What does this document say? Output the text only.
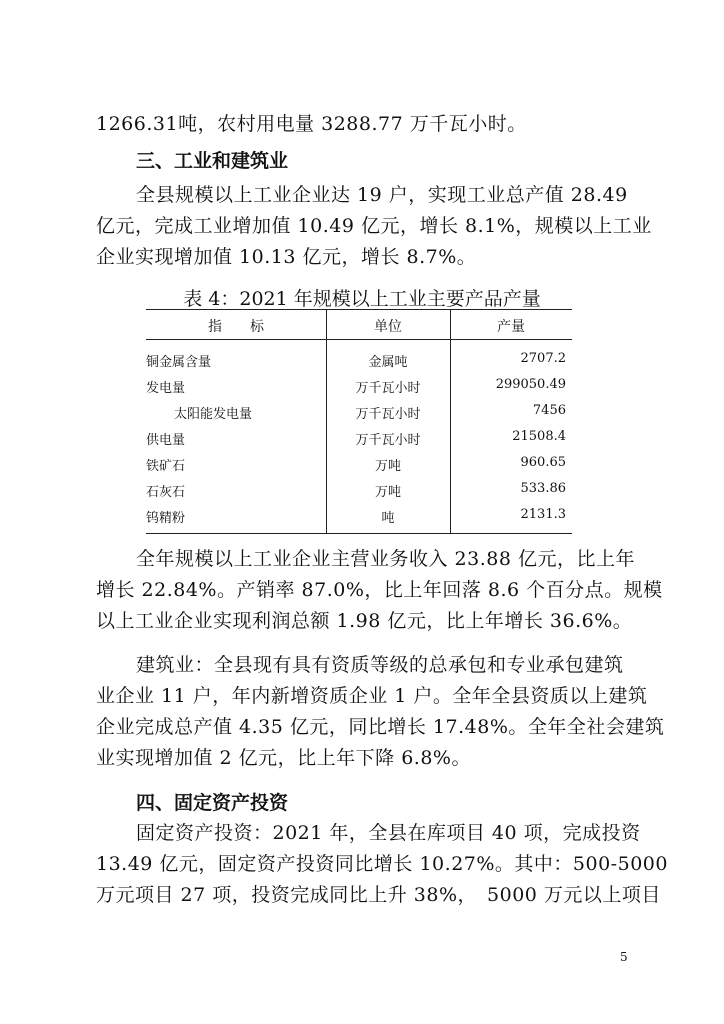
1266.31吨，农村用电量 3288.77 万千瓦小时。
三、工业和建筑业
全县规模以上工业企业达 19 户，实现工业总产值 28.49
亿元，完成工业增加值 10.49 亿元，增长 8.1%，规模以上工业
企业实现增加值 10.13 亿元，增长 8.7%。
表 4：2021 年规模以上工业主要产品产量
指　　标	单位	产量
铜金属含量	金属吨	2707.2
发电量	万千瓦小时	299050.49
太阳能发电量	万千瓦小时	7456
供电量	万千瓦小时	21508.4
铁矿石	万吨	960.65
石灰石	万吨	533.86
钨精粉	吨	2131.3
全年规模以上工业企业主营业务收入 23.88 亿元，比上年
增长 22.84%。产销率 87.0%，比上年回落 8.6 个百分点。规模
以上工业企业实现利润总额 1.98 亿元，比上年增长 36.6%。
建筑业：全县现有具有资质等级的总承包和专业承包建筑
业企业 11 户，年内新增资质企业 1 户。全年全县资质以上建筑
企业完成总产值 4.35 亿元，同比增长 17.48%。全年全社会建筑
业实现增加值 2 亿元，比上年下降 6.8%。
四、固定资产投资
固定资产投资：2021 年，全县在库项目 40 项，完成投资
13.49 亿元，固定资产投资同比增长 10.27%。其中：500-5000
万元项目 27 项，投资完成同比上升 38%，　5000 万元以上项目
5
